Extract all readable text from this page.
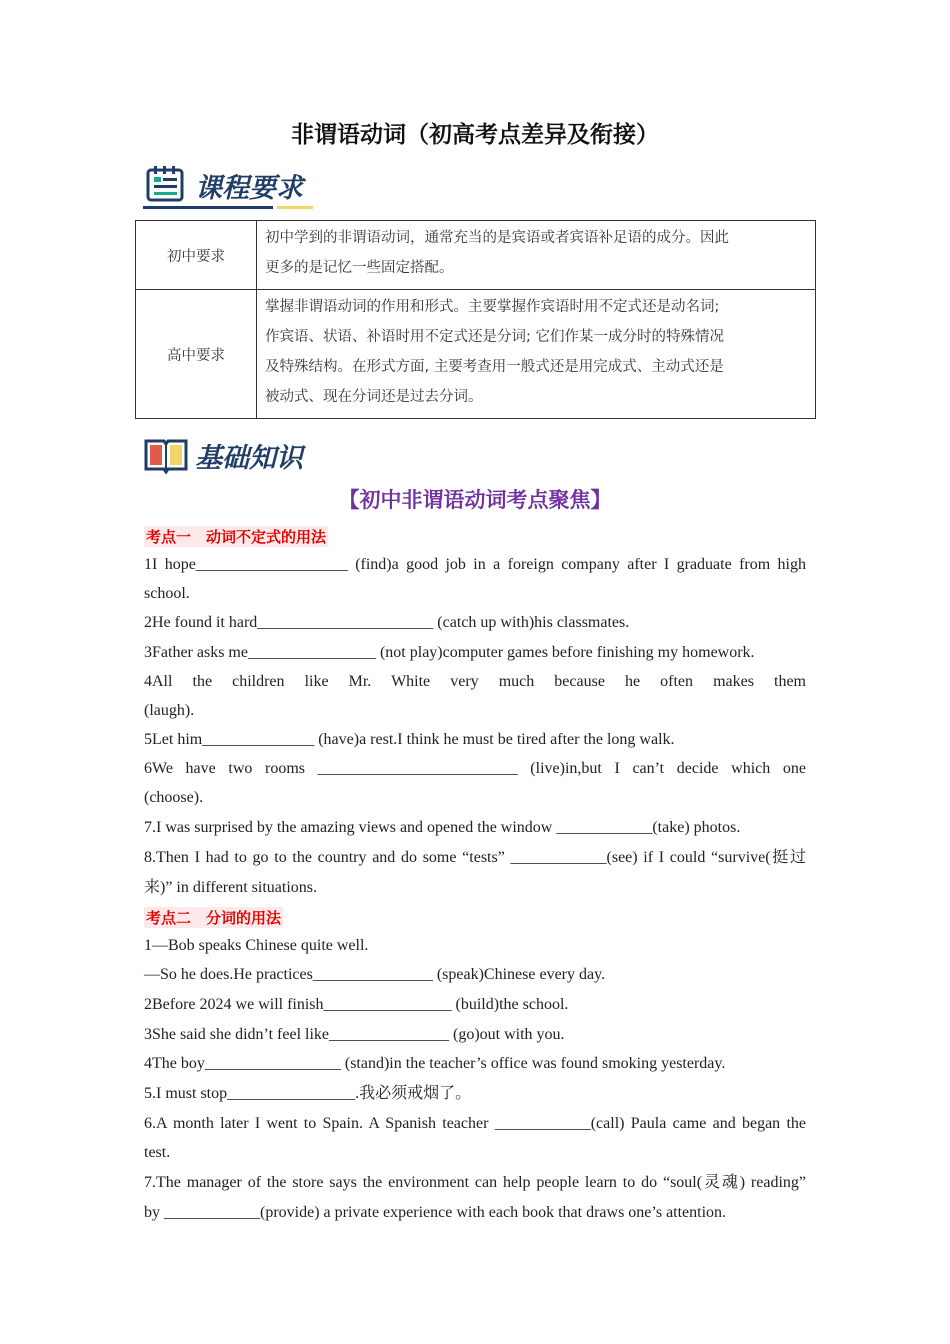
非谓语动词（初高考点差异及衔接）
课程要求
初中要求	初中学到的非谓语动词，通常充当的是宾语或者宾语补足语的成分。因此
更多的是记忆一些固定搭配。

高中要求	掌握非谓语动词的作用和形式。主要掌握作宾语时用不定式还是动名词;
作宾语、状语、补语时用不定式还是分词; 它们作某一成分时的特殊情况
及特殊结构。在形式方面, 主要考查用一般式还是用完成式、主动式还是
被动式、现在分词还是过去分词。
基础知识
【初中非谓语动词考点聚焦】
考点一　动词不定式的用法
1I hope___________________ (find)a good job in a foreign company after I graduate from high
school.
2He found it hard______________________ (catch up with)his classmates.
3Father asks me________________ (not play)computer games before finishing my homework.
4All the children like Mr. White very much because he often makes them
(laugh).
5Let him______________ (have)a rest.I think he must be tired after the long walk.
6We have two rooms _________________________ (live)in,but I can’t decide which one
(choose).
7.I was surprised by the amazing views and opened the window ____________(take) photos.
8.Then I had to go to the country and do some “tests” ____________(see) if I could “survive(挺过
来)” in different situations.
考点二　分词的用法
1—Bob speaks Chinese quite well.
—So he does.He practices_______________ (speak)Chinese every day.
2Before 2024 we will finish________________ (build)the school.
3She said she didn’t feel like_______________ (go)out with you.
4The boy_________________ (stand)in the teacher’s office was found smoking yesterday.
5.I must stop________________.我必须戒烟了。
6.A month later I went to Spain. A Spanish teacher ____________(call) Paula came and began the
test.
7.The manager of the store says the environment can help people learn to do “soul(灵魂) reading”
by ____________(provide) a private experience with each book that draws one’s attention.
